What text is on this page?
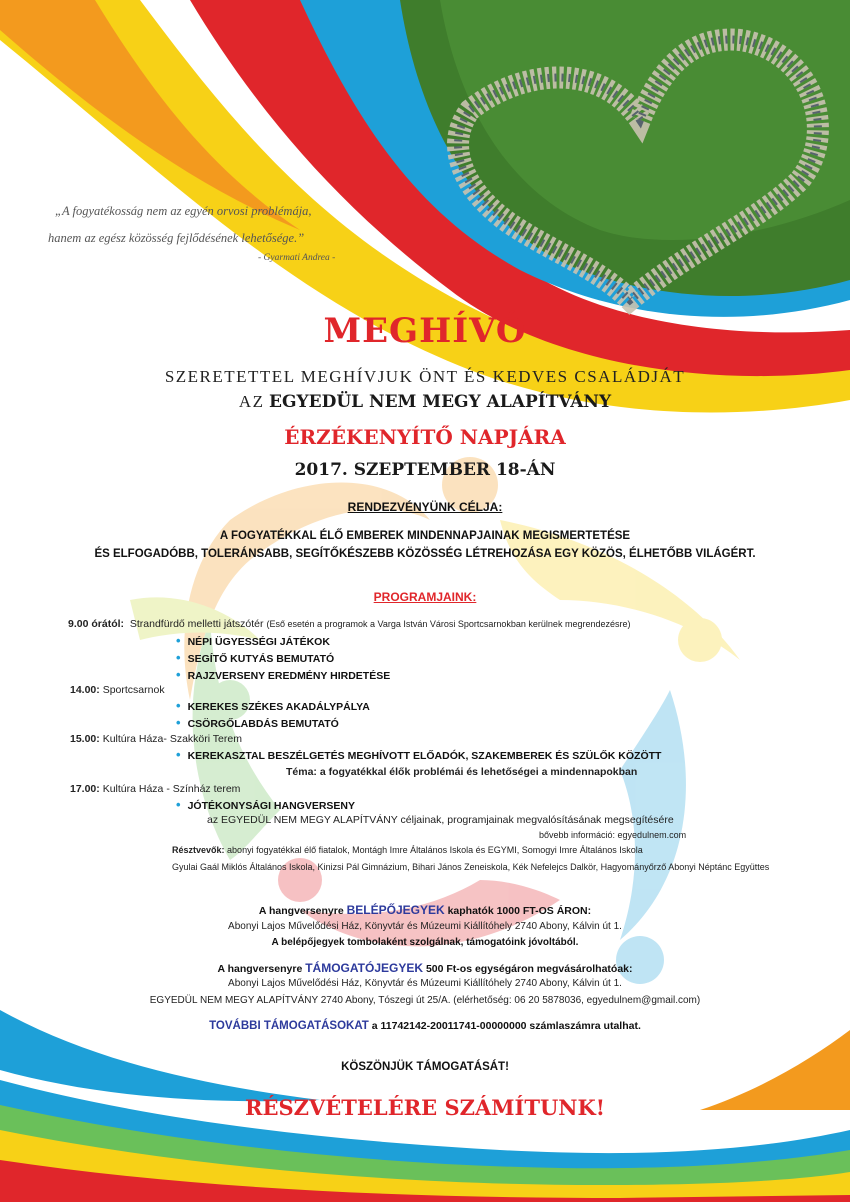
„A fogyatékosság nem az egyén orvosi problémája,
hanem az egész közösség fejlődésének lehetősége.”
- Gyarmati Andrea -
MEGHÍVÓ
SZERETETTEL MEGHÍVJUK ÖNT ÉS KEDVES CSALÁDJÁT
AZ EGYEDÜL NEM MEGY ALAPÍTVÁNY
ÉRZÉKENYÍTŐ NAPJÁRA
2017. SZEPTEMBER 18-ÁN
RENDEZVÉNYÜNK CÉLJA:
A FOGYATÉKKAL ÉLŐ EMBEREK MINDENNAPJAINAK MEGISMERTETÉSE
ÉS ELFOGADÓBB, TOLERÁNSABB, SEGÍTŐKÉSZEBB KÖZÖSSÉG LÉTREHOZÁSA EGY KÖZÖS, ÉLHETŐBB VILÁGÉRT.
PROGRAMJAINK:
9.00 órától: Strandfürdő melletti játszótér (Eső esetén a programok a Varga István Városi Sportcsarnokban kerülnek megrendezésre)
• NÉPI ÜGYESSÉGI JÁTÉKOK
• SEGÍTŐ KUTYÁS BEMUTATÓ
• RAJZVERSENY EREDMÉNY HIRDETÉSE
14.00: Sportcsarnok
• KEREKES SZÉKES AKADÁLYPÁLYA
• CSÖRGŐLABDÁS BEMUTATÓ
15.00: Kultúra Háza- Szakköri Terem
• KEREKASZTAL BESZÉLGETÉS MEGHÍVOTT ELŐADÓK, SZAKEMBEREK ÉS SZÜLŐK KÖZÖTT
Téma: a fogyatékkal élők problémái és lehetőségei a mindennapokban
17.00: Kultúra Háza - Színház terem
• JÓTÉKONYSÁGI HANGVERSENY
az EGYEDÜL NEM MEGY ALAPÍTVÁNY céljainak, programjainak megvalósításának megsegítésére
bővebb információ: egyedulnem.com
Résztvevők: abonyi fogyatékkal élő fiatalok, Montágh Imre Általános Iskola és EGYMI, Somogyi Imre Általános Iskola
Gyulai Gaál Miklós Általános Iskola, Kinizsi Pál Gimnázium, Bihari János Zeneiskola, Kék Nefelejcs Dalkör, Hagyományőrző Abonyi Néptánc Együttes
A hangversenyre BELÉPŐJEGYEK kaphatók 1000 FT-OS ÁRON:
Abonyi Lajos Művelődési Ház, Könyvtár és Múzeumi Kiállítóhely 2740 Abony, Kálvin út 1.
A belépőjegyek tombolaként szolgálnak, támogatóink jóvoltából.
A hangversenyre TÁMOGATÓJEGYEK 500 Ft-os egységáron megvásárolhatóak:
Abonyi Lajos Művelődési Ház, Könyvtár és Múzeumi Kiállítóhely 2740 Abony, Kálvin út 1.
EGYEDÜL NEM MEGY ALAPÍTVÁNY 2740 Abony, Tószegi út 25/A. (elérhetőség: 06 20 5878036, egyedulnem@gmail.com)
TOVÁBBI TÁMOGATÁSOKAT a 11742142-20011741-00000000 számlaszámra utalhat.
KÖSZÖNJÜK TÁMOGATÁSÁT!
RÉSZVÉTELÉRE SZÁMÍTUNK!
